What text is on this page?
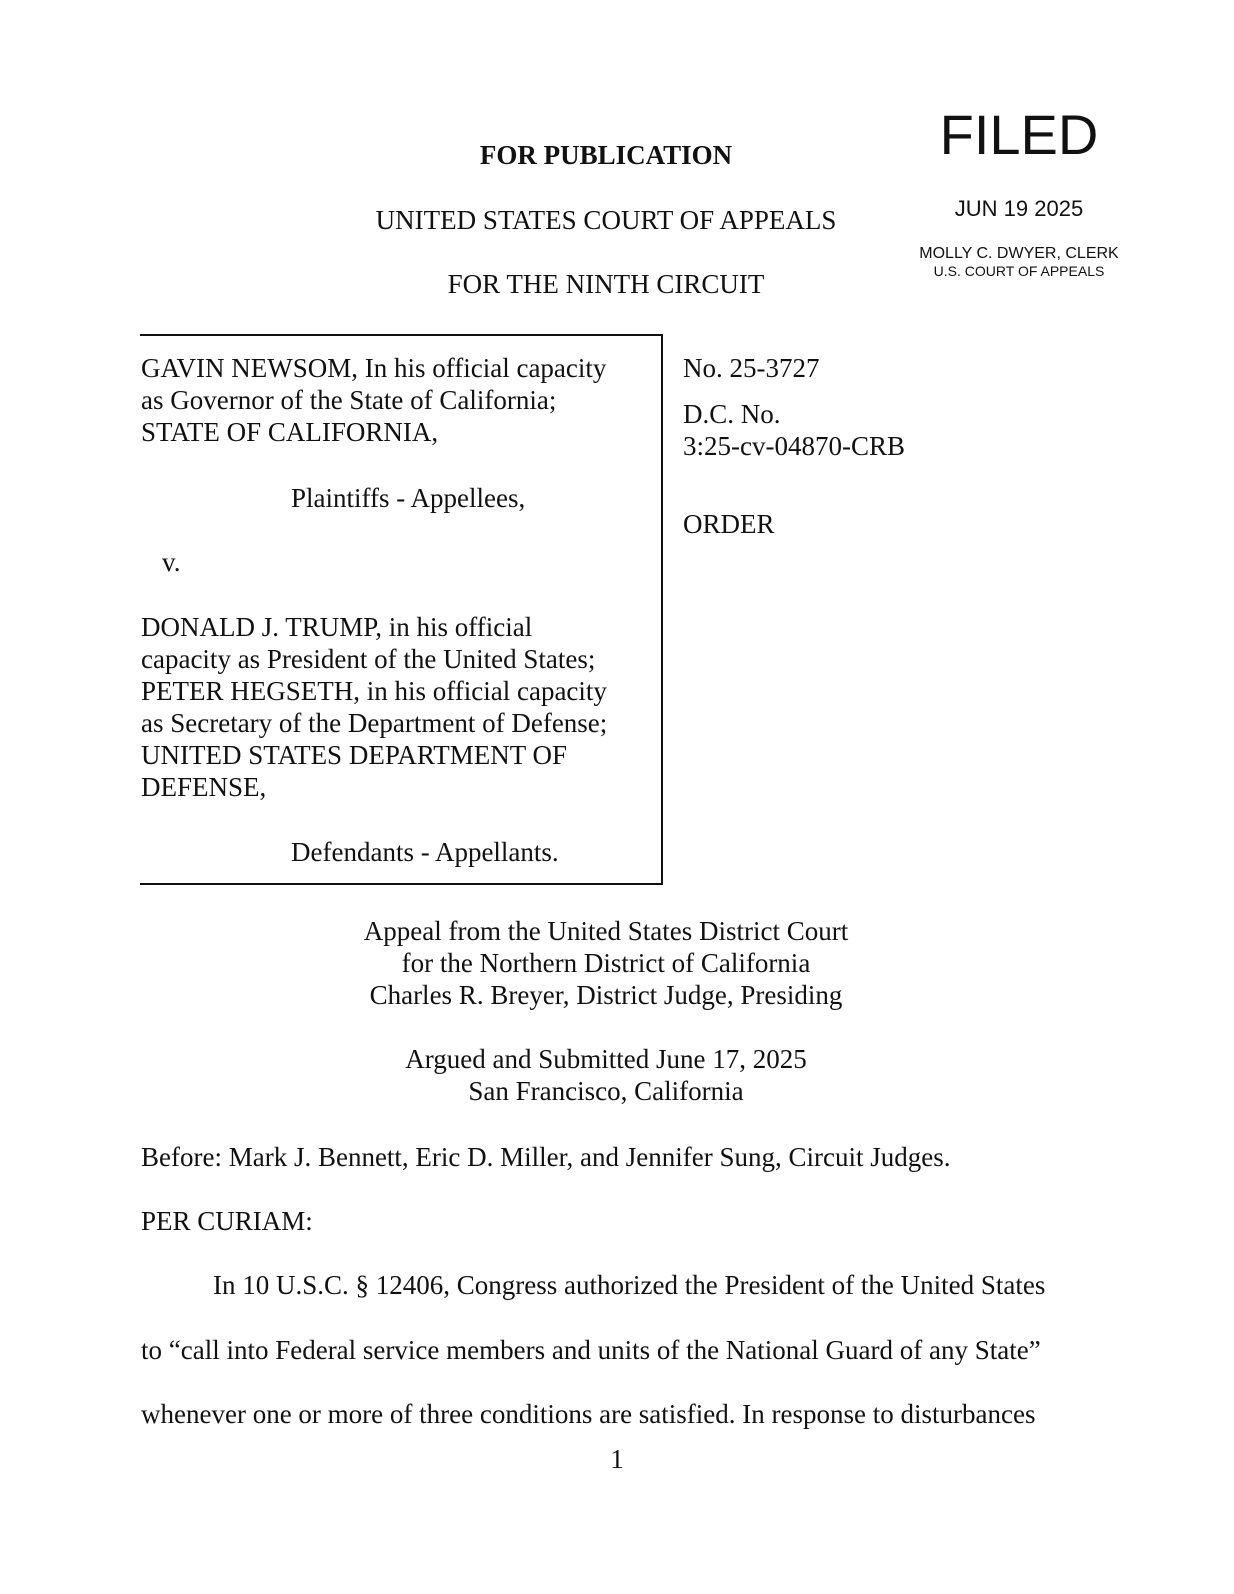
FOR PUBLICATION
UNITED STATES COURT OF APPEALS
FOR THE NINTH CIRCUIT
FILED
JUN 19 2025
MOLLY C. DWYER, CLERK
U.S. COURT OF APPEALS
GAVIN NEWSOM, In his official capacity
as Governor of the State of California;
STATE OF CALIFORNIA,
Plaintiffs - Appellees,
v.
DONALD J. TRUMP, in his official
capacity as President of the United States;
PETER HEGSETH, in his official capacity
as Secretary of the Department of Defense;
UNITED STATES DEPARTMENT OF
DEFENSE,
Defendants - Appellants.
No. 25-3727
D.C. No.
3:25-cv-04870-CRB
ORDER
Appeal from the United States District Court
for the Northern District of California
Charles R. Breyer, District Judge, Presiding
Argued and Submitted June 17, 2025
San Francisco, California
Before: Mark J. Bennett, Eric D. Miller, and Jennifer Sung, Circuit Judges.
PER CURIAM:
In 10 U.S.C. § 12406, Congress authorized the President of the United States
to “call into Federal service members and units of the National Guard of any State”
whenever one or more of three conditions are satisfied. In response to disturbances
1
